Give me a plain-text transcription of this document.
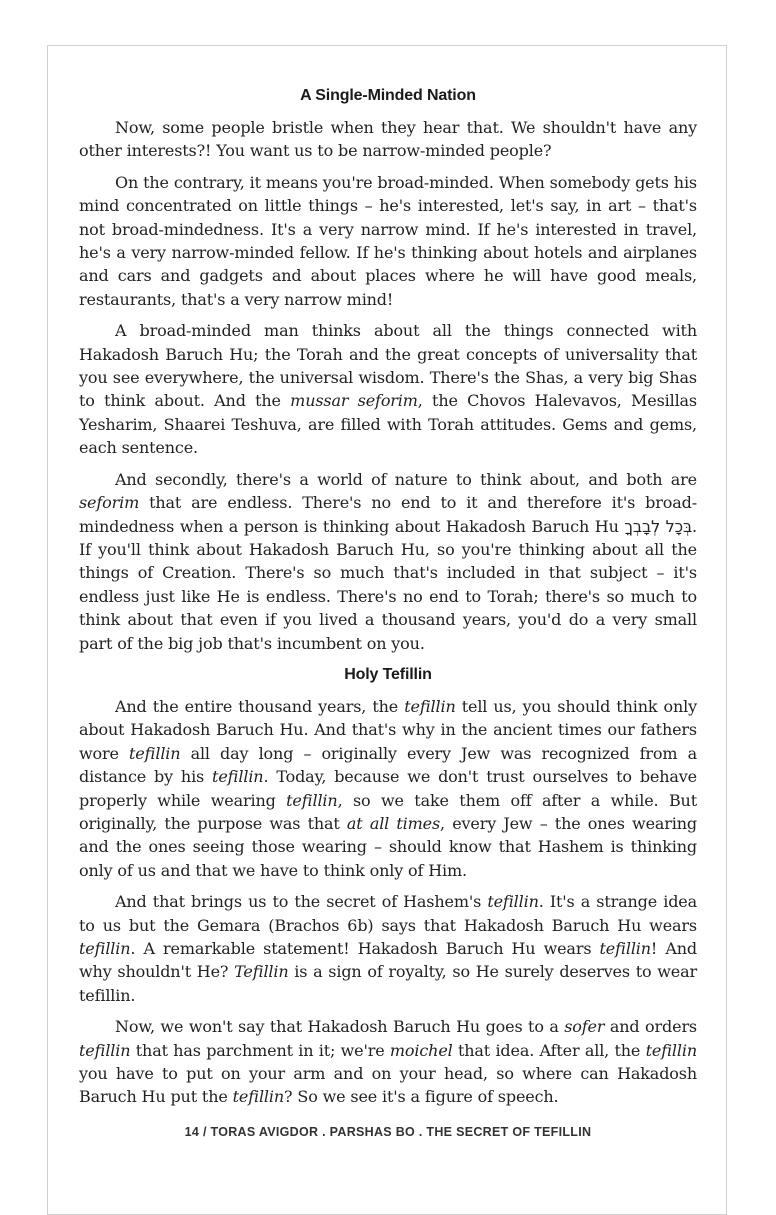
A Single-Minded Nation

Now, some people bristle when they hear that. We shouldn't have any other interests?! You want us to be narrow-minded people?

On the contrary, it means you're broad-minded. When somebody gets his mind concentrated on little things – he's interested, let's say, in art – that's not broad-mindedness. It's a very narrow mind. If he's interested in travel, he's a very narrow-minded fellow. If he's thinking about hotels and airplanes and cars and gadgets and about places where he will have good meals, restaurants, that's a very narrow mind!

A broad-minded man thinks about all the things connected with Hakadosh Baruch Hu; the Torah and the great concepts of universality that you see everywhere, the universal wisdom. There's the Shas, a very big Shas to think about. And the mussar seforim, the Chovos Halevavos, Mesillas Yesharim, Shaarei Teshuva, are filled with Torah attitudes. Gems and gems, each sentence.

And secondly, there's a world of nature to think about, and both are seforim that are endless. There's no end to it and therefore it's broad-mindedness when a person is thinking about Hakadosh Baruch Hu בְּכָל לְבָבְךָ. If you'll think about Hakadosh Baruch Hu, so you're thinking about all the things of Creation. There's so much that's included in that subject – it's endless just like He is endless. There's no end to Torah; there's so much to think about that even if you lived a thousand years, you'd do a very small part of the big job that's incumbent on you.

Holy Tefillin

And the entire thousand years, the tefillin tell us, you should think only about Hakadosh Baruch Hu. And that's why in the ancient times our fathers wore tefillin all day long – originally every Jew was recognized from a distance by his tefillin. Today, because we don't trust ourselves to behave properly while wearing tefillin, so we take them off after a while. But originally, the purpose was that at all times, every Jew – the ones wearing and the ones seeing those wearing – should know that Hashem is thinking only of us and that we have to think only of Him.

And that brings us to the secret of Hashem's tefillin. It's a strange idea to us but the Gemara (Brachos 6b) says that Hakadosh Baruch Hu wears tefillin. A remarkable statement! Hakadosh Baruch Hu wears tefillin! And why shouldn't He? Tefillin is a sign of royalty, so He surely deserves to wear tefillin.

Now, we won't say that Hakadosh Baruch Hu goes to a sofer and orders tefillin that has parchment in it; we're moichel that idea. After all, the tefillin you have to put on your arm and on your head, so where can Hakadosh Baruch Hu put the tefillin? So we see it's a figure of speech.

14 / TORAS AVIGDOR . PARSHAS BO . THE SECRET OF TEFILLIN
